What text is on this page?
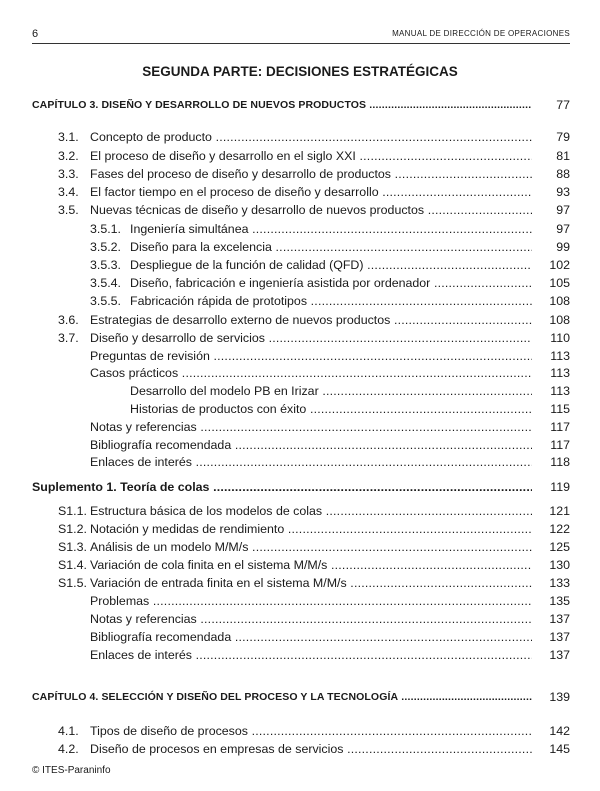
6	MANUAL DE DIRECCIÓN DE OPERACIONES
SEGUNDA PARTE: DECISIONES ESTRATÉGICAS
CAPÍTULO 3. DISEÑO Y DESARROLLO DE NUEVOS PRODUCTOS .....	77
3.1. Concepto de producto .....	79
3.2. El proceso de diseño y desarrollo en el siglo XXI .....	81
3.3. Fases del proceso de diseño y desarrollo de productos .....	88
3.4. El factor tiempo en el proceso de diseño y desarrollo .....	93
3.5. Nuevas técnicas de diseño y desarrollo de nuevos productos .....	97
3.5.1. Ingeniería simultánea .....	97
3.5.2. Diseño para la excelencia .....	99
3.5.3. Despliegue de la función de calidad (QFD) .....	102
3.5.4. Diseño, fabricación e ingeniería asistida por ordenador .....	105
3.5.5. Fabricación rápida de prototipos .....	108
3.6. Estrategias de desarrollo externo de nuevos productos .....	108
3.7. Diseño y desarrollo de servicios .....	110
Preguntas de revisión .....	113
Casos prácticos .....	113
Desarrollo del modelo PB en Irizar .....	113
Historias de productos con éxito .....	115
Notas y referencias .....	117
Bibliografía recomendada .....	117
Enlaces de interés .....	118
Suplemento 1. Teoría de colas .....	119
S1.1. Estructura básica de los modelos de colas .....	121
S1.2. Notación y medidas de rendimiento .....	122
S1.3. Análisis de un modelo M/M/s .....	125
S1.4. Variación de cola finita en el sistema M/M/s .....	130
S1.5. Variación de entrada finita en el sistema M/M/s .....	133
Problemas .....	135
Notas y referencias .....	137
Bibliografía recomendada .....	137
Enlaces de interés .....	137
CAPÍTULO 4. SELECCIÓN Y DISEÑO DEL PROCESO Y LA TECNOLOGÍA .....	139
4.1. Tipos de diseño de procesos .....	142
4.2. Diseño de procesos en empresas de servicios .....	145
© ITES-Paraninfo
